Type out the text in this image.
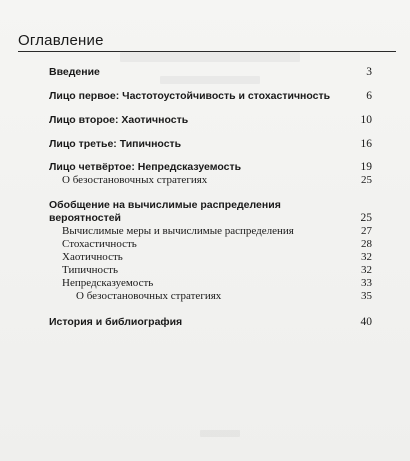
Оглавление
Введение	3
Лицо первое: Частотоустойчивость и стохастичность	6
Лицо второе: Хаотичность	10
Лицо третье: Типичность	16
Лицо четвёртое: Непредсказуемость	19
О безостановочных стратегиях	25
Обобщение на вычислимые распределения
вероятностей	25
Вычислимые меры и вычислимые распределения	27
Стохастичность	28
Хаотичность	32
Типичность	32
Непредсказуемость	33
О безостановочных стратегиях	35
История и библиография	40
